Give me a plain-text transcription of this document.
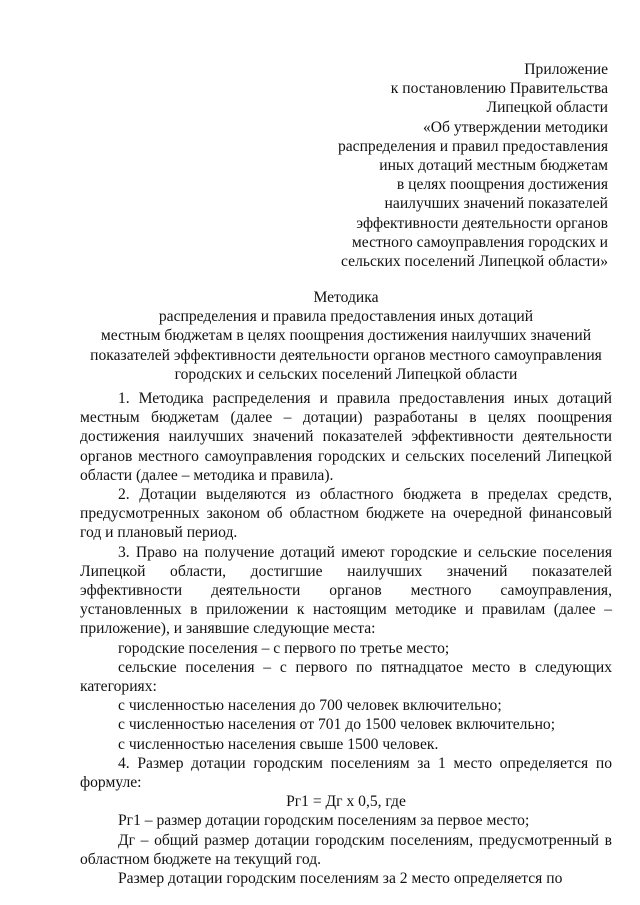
Приложение
к постановлению Правительства
Липецкой области
«Об утверждении методики
распределения и правил предоставления
иных дотаций местным бюджетам
в целях поощрения достижения
наилучших значений показателей
эффективности деятельности органов
местного самоуправления городских и
сельских поселений Липецкой области»
Методика
распределения и правила предоставления иных дотаций
местным бюджетам в целях поощрения достижения наилучших значений
показателей эффективности деятельности органов местного самоуправления
городских и сельских поселений Липецкой области

1. Методика распределения и правила предоставления иных дотаций местным бюджетам (далее – дотации) разработаны в целях поощрения достижения наилучших значений показателей эффективности деятельности органов местного самоуправления городских и сельских поселений Липецкой области (далее – методика и правила).

2. Дотации выделяются из областного бюджета в пределах средств, предусмотренных законом об областном бюджете на очередной финансовый год и плановый период.

3. Право на получение дотаций имеют городские и сельские поселения Липецкой области, достигшие наилучших значений показателей эффективности деятельности органов местного самоуправления, установленных в приложении к настоящим методике и правилам (далее – приложение), и занявшие следующие места:

городские поселения – с первого по третье место;

сельские поселения – с первого по пятнадцатое место в следующих категориях:

с численностью населения до 700 человек включительно;

с численностью населения от 701 до 1500 человек включительно;

с численностью населения свыше 1500 человек.

4. Размер дотации городским поселениям за 1 место определяется по формуле:

Рг1 = Дг х 0,5, где

Рг1 – размер дотации городским поселениям за первое место;

Дг – общий размер дотации городским поселениям, предусмотренный в областном бюджете на текущий год.

Размер дотации городским поселениям за 2 место определяется по
